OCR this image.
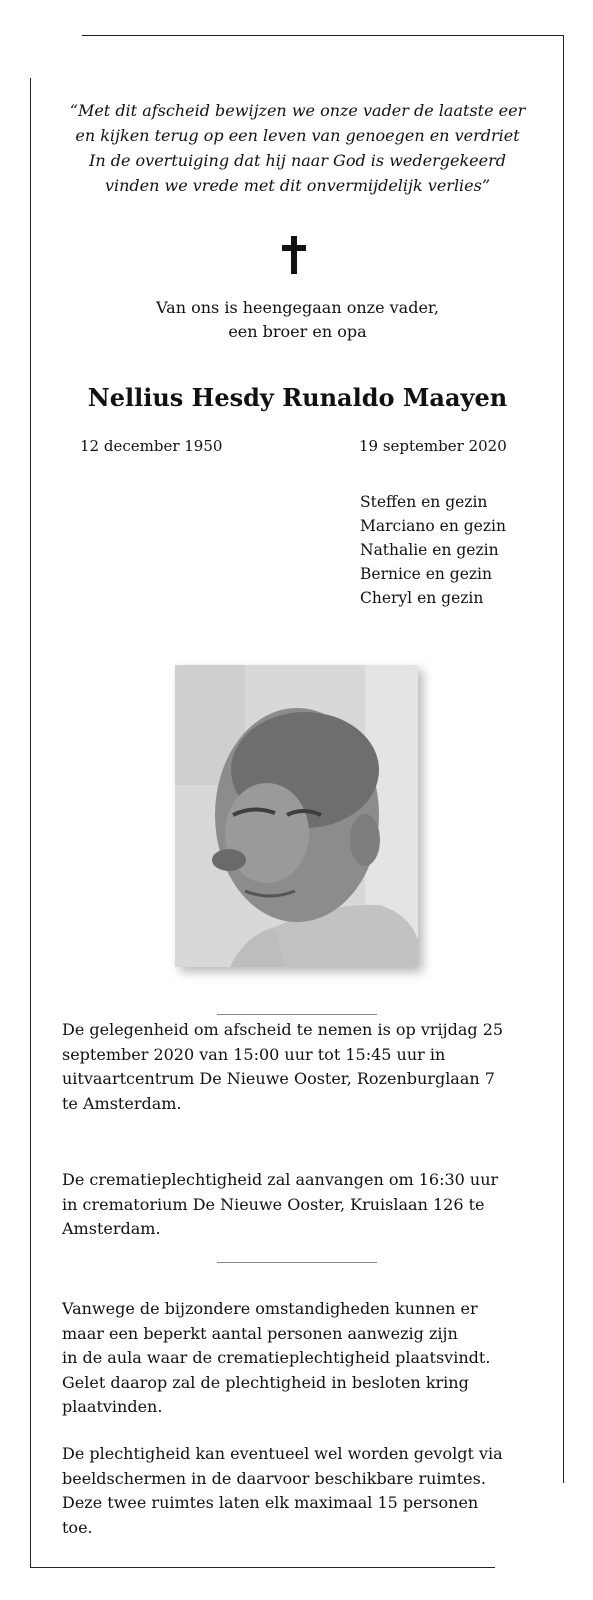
“Met dit afscheid bewijzen we onze vader de laatste eer
en kijken terug op een leven van genoegen en verdriet
In de overtuiging dat hij naar God is wedergekeerd
vinden we vrede met dit onvermijdelijk verlies”

Van ons is heengegaan onze vader,
een broer en opa
Nellius Hesdy Runaldo Maayen
12 december 1950	19 september 2020
Steffen en gezin
Marciano en gezin
Nathalie en gezin
Bernice en gezin
Cheryl en gezin

De gelegenheid om afscheid te nemen is op vrijdag 25
september 2020 van 15:00 uur tot 15:45 uur in
uitvaartcentrum De Nieuwe Ooster, Rozenburglaan 7
te Amsterdam.

De crematieplechtigheid zal aanvangen om 16:30 uur
in crematorium De Nieuwe Ooster, Kruislaan 126 te
Amsterdam.

Vanwege de bijzondere omstandigheden kunnen er
maar een beperkt aantal personen aanwezig zijn
in de aula waar de crematieplechtigheid plaatsvindt.
Gelet daarop zal de plechtigheid in besloten kring
plaatvinden.

De plechtigheid kan eventueel wel worden gevolgt via
beeldschermen in de daarvoor beschikbare ruimtes.
Deze twee ruimtes laten elk maximaal 15 personen
toe.
